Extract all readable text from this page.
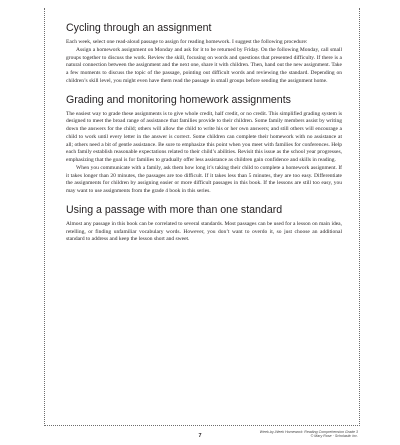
Cycling through an assignment

Each week, select one read-aloud passage to assign for reading homework. I suggest the following procedure:

Assign a homework assignment on Monday and ask for it to be returned by Friday. On the following Monday, call small groups together to discuss the work. Review the skill, focusing on words and questions that presented difficulty. If there is a natural connection between the assignment and the next one, share it with children. Then, hand out the new assignment. Take a few moments to discuss the topic of the passage, pointing out difficult words and reviewing the standard. Depending on children’s skill level, you might even have them read the passage in small groups before sending the assignment home.

Grading and monitoring homework assignments

The easiest way to grade these assignments is to give whole credit, half credit, or no credit. This simplified grading system is designed to meet the broad range of assistance that families provide to their children. Some family members assist by writing down the answers for the child; others will allow the child to write his or her own answers; and still others will encourage a child to work until every letter in the answer is correct. Some children can complete their homework with no assistance at all; others need a bit of gentle assistance. Be sure to emphasize this point when you meet with families for conferences. Help each family establish reasonable expectations related to their child’s abilities. Revisit this issue as the school year progresses, emphasizing that the goal is for families to gradually offer less assistance as children gain confidence and skills in reading.

When you communicate with a family, ask them how long it’s taking their child to complete a homework assignment. If it takes longer than 20 minutes, the passages are too difficult. If it takes less than 5 minutes, they are too easy. Differentiate the assignments for children by assigning easier or more difficult passages in this book. If the lessons are still too easy, you may want to use assignments from the grade 4 book in this series.

Using a passage with more than one standard

Almost any passage in this book can be correlated to several standards. Most passages can be used for a lesson on main idea, retelling, or finding unfamiliar vocabulary words. However, you don’t want to overdo it, so just choose an additional standard to address and keep the lesson short and sweet.

7
Week-by-Week Homework: Reading Comprehension Grade 3
© Mary Rose · Scholastic Inc.
